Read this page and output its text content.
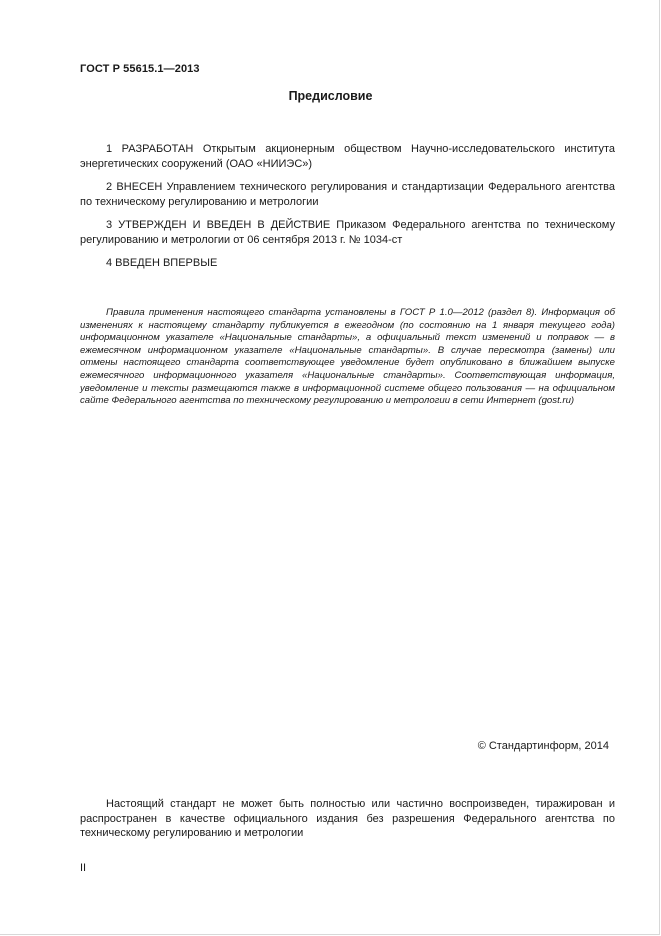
ГОСТ Р 55615.1—2013
Предисловие

1 РАЗРАБОТАН Открытым акционерным обществом Научно-исследовательского института энергетических сооружений (ОАО «НИИЭС»)

2 ВНЕСЕН Управлением технического регулирования и стандартизации Федерального агентства по техническому регулированию и метрологии

3 УТВЕРЖДЕН И ВВЕДЕН В ДЕЙСТВИЕ Приказом Федерального агентства по техническому регулированию и метрологии от 06 сентября 2013 г. № 1034-ст

4 ВВЕДЕН ВПЕРВЫЕ

Правила применения настоящего стандарта установлены в ГОСТ Р 1.0—2012 (раздел 8). Информация об изменениях к настоящему стандарту публикуется в ежегодном (по состоянию на 1 января текущего года) информационном указателе «Национальные стандарты», а официальный текст изменений и поправок — в ежемесячном информационном указателе «Национальные стандарты». В случае пересмотра (замены) или отмены настоящего стандарта соответствующее уведомление будет опубликовано в ближайшем выпуске ежемесячного информационного указателя «Национальные стандарты». Соответствующая информация, уведомление и тексты размещаются также в информационной системе общего пользования — на официальном сайте Федерального агентства по техническому регулированию и метрологии в сети Интернет (gost.ru)

© Стандартинформ, 2014

Настоящий стандарт не может быть полностью или частично воспроизведен, тиражирован и распространен в качестве официального издания без разрешения Федерального агентства по техническому регулированию и метрологии

II
